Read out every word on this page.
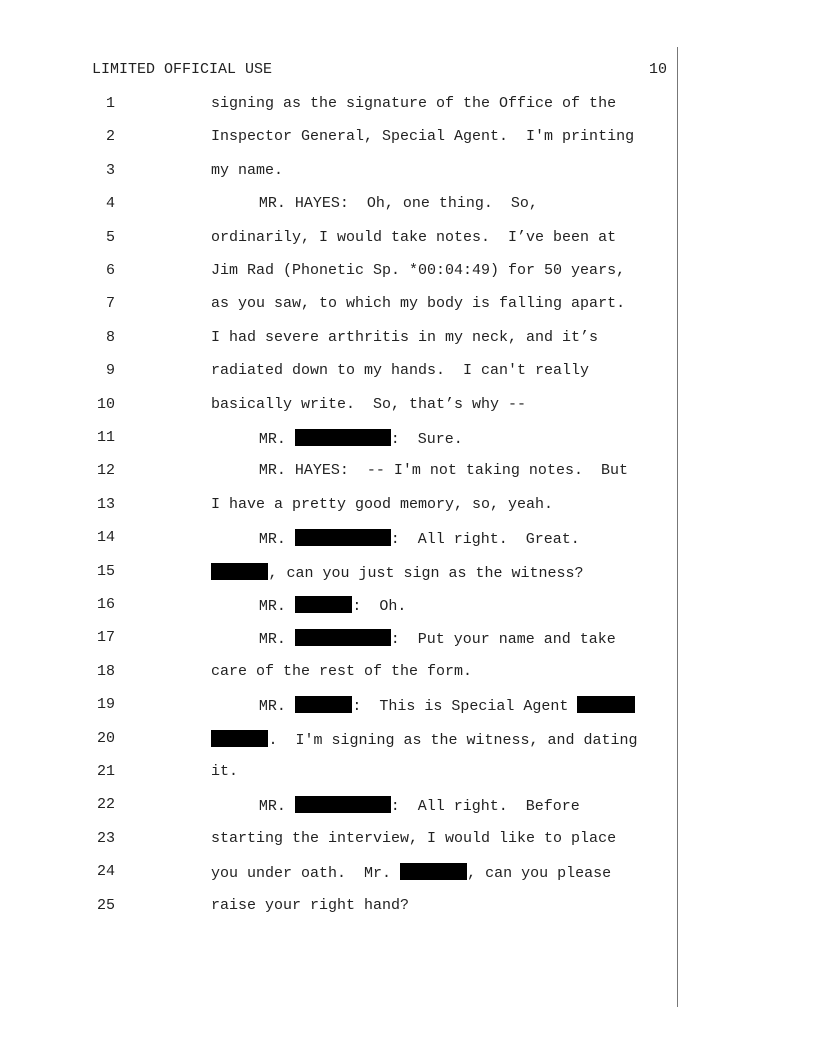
LIMITED OFFICIAL USE	10
1	signing as the signature of the Office of the
2	Inspector General, Special Agent.  I'm printing
3	my name.
4	MR. HAYES:  Oh, one thing.  So,
5	ordinarily, I would take notes.  I’ve been at
6	Jim Rad (Phonetic Sp. *00:04:49) for 50 years,
7	as you saw, to which my body is falling apart.
8	I had severe arthritis in my neck, and it’s
9	radiated down to my hands.  I can't really
10	basically write.  So, that’s why --
11	MR.	:  Sure.
12	MR. HAYES:  -- I'm not taking notes.  But
13	I have a pretty good memory, so, yeah.
14	MR.	:  All right.  Great.
15	, can you just sign as the witness?
16	MR.	:  Oh.
17	MR.	:  Put your name and take
18	care of the rest of the form.
19	MR.	:  This is Special Agent
20	.  I'm signing as the witness, and dating
21	it.
22	MR.	:  All right.  Before
23	starting the interview, I would like to place
24	you under oath.  Mr.	, can you please
25	raise your right hand?
